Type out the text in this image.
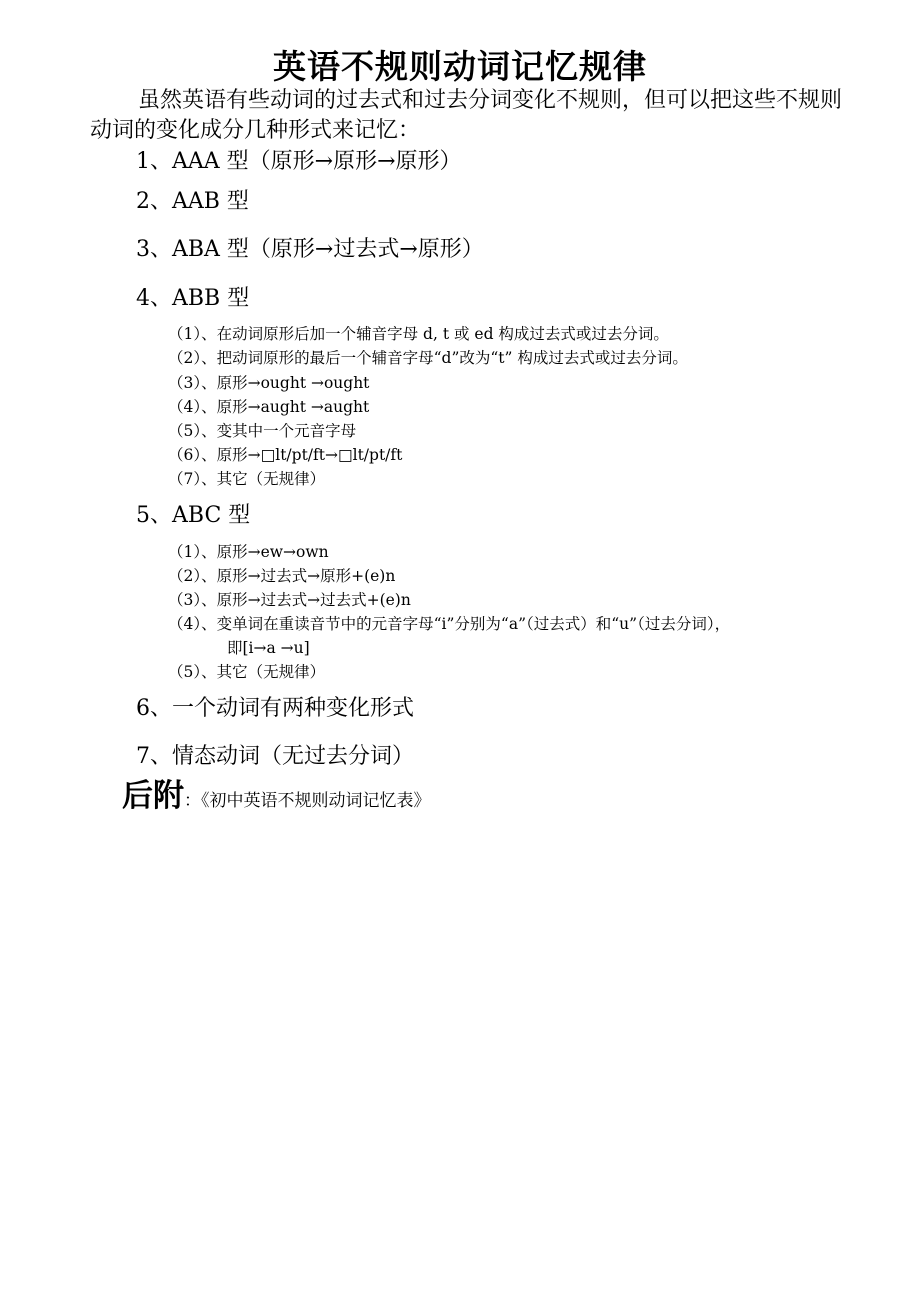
英语不规则动词记忆规律

虽然英语有些动词的过去式和过去分词变化不规则，但可以把这些不规则动词的变化成分几种形式来记忆：

1、AAA 型（原形→原形→原形）

2、AAB 型

3、ABA 型（原形→过去式→原形）

4、ABB 型

（1）、在动词原形后加一个辅音字母 d, t 或 ed 构成过去式或过去分词。

（2）、把动词原形的最后一个辅音字母“d”改为“t” 构成过去式或过去分词。

（3）、原形→ought →ought

（4）、原形→aught →aught

（5）、变其中一个元音字母

（6）、原形→□lt/pt/ft→□lt/pt/ft

（7）、其它（无规律）

5、ABC 型

（1）、原形→ew→own

（2）、原形→过去式→原形+(e)n

（3）、原形→过去式→过去式+(e)n

（4）、变单词在重读音节中的元音字母“i”分别为“a”（过去式）和“u”（过去分词），

即[i→a →u]

（5）、其它（无规律）

6、一个动词有两种变化形式

7、情态动词（无过去分词）

后附：《初中英语不规则动词记忆表》
